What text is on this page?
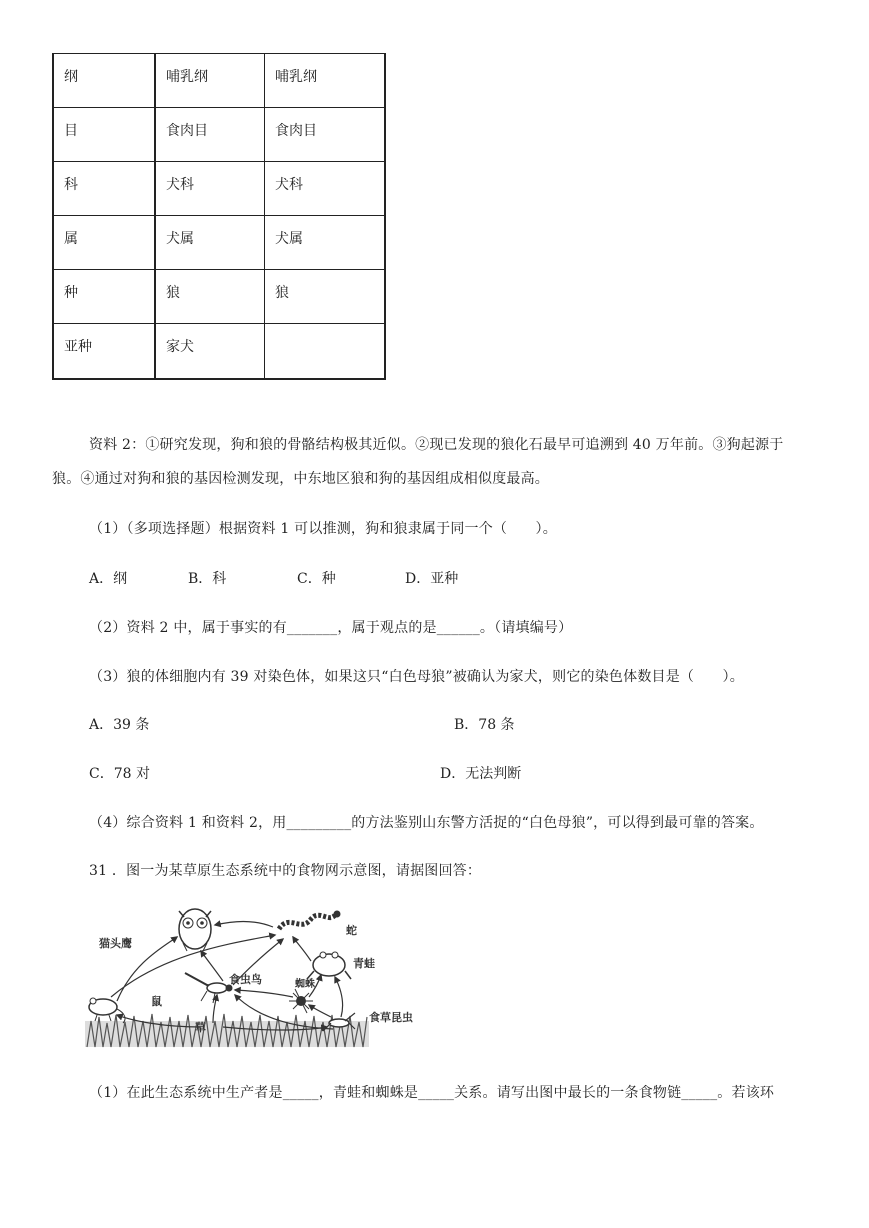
纲	哺乳纲	哺乳纲
目	食肉目	食肉目
科	犬科	犬科
属	犬属	犬属
种	狼	狼
亚种	家犬	
资料 2：①研究发现，狗和狼的骨骼结构极其近似。②现已发现的狼化石最早可追溯到 40 万年前。③狗起源于
狼。④通过对狗和狼的基因检测发现，中东地区狼和狗的基因组成相似度最高。
（1）（多项选择题）根据资料 1 可以推测，狗和狼隶属于同一个（　　）。
A．纲	B．科	C．种	D．亚种
（2）资料 2 中，属于事实的有_______，属于观点的是______。（请填编号）
（3）狼的体细胞内有 39 对染色体，如果这只“白色母狼”被确认为家犬，则它的染色体数目是（　　）。
A．39 条	B．78 条
C．78 对	D．无法判断
（4）综合资料 1 和资料 2，用_________的方法鉴别山东警方活捉的“白色母狼”，可以得到最可靠的答案。
31 ．图一为某草原生态系统中的食物网示意图，请据图回答：
猫头鹰
蛇
青蛙
食虫鸟	蜘蛛
鼠
草
食草昆虫
（1）在此生态系统中生产者是_____，青蛙和蜘蛛是_____关系。请写出图中最长的一条食物链_____。若该环
